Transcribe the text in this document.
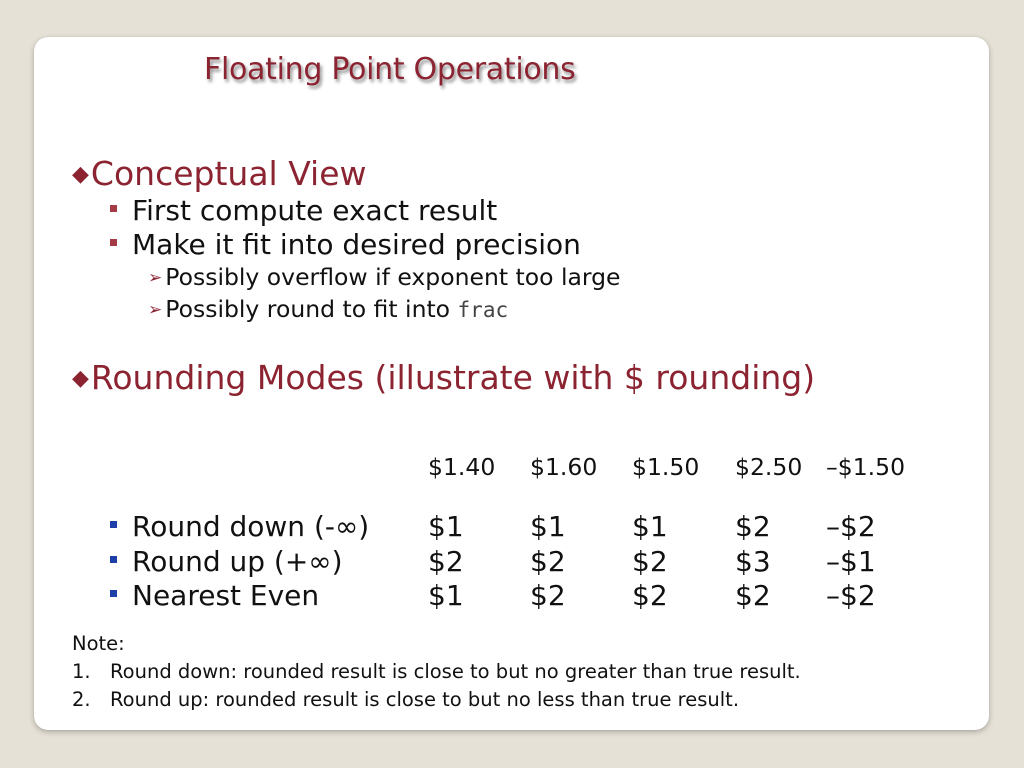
Floating Point Operations
◆Conceptual View
First compute exact result
Make it fit into desired precision
➢ Possibly overflow if exponent too large
➢ Possibly round to fit into frac
◆Rounding Modes (illustrate with $ rounding)
$1.40 $1.60 $1.50 $2.50 –$1.50
Round down (-∞) $1 $1 $1 $2 –$2
Round up (+∞)	$2 $2 $2 $3 –$1
Nearest Even	$1 $2 $2 $2 –$2
Note:
1. Round down: rounded result is close to but no greater than true result.
2. Round up: rounded result is close to but no less than true result.
